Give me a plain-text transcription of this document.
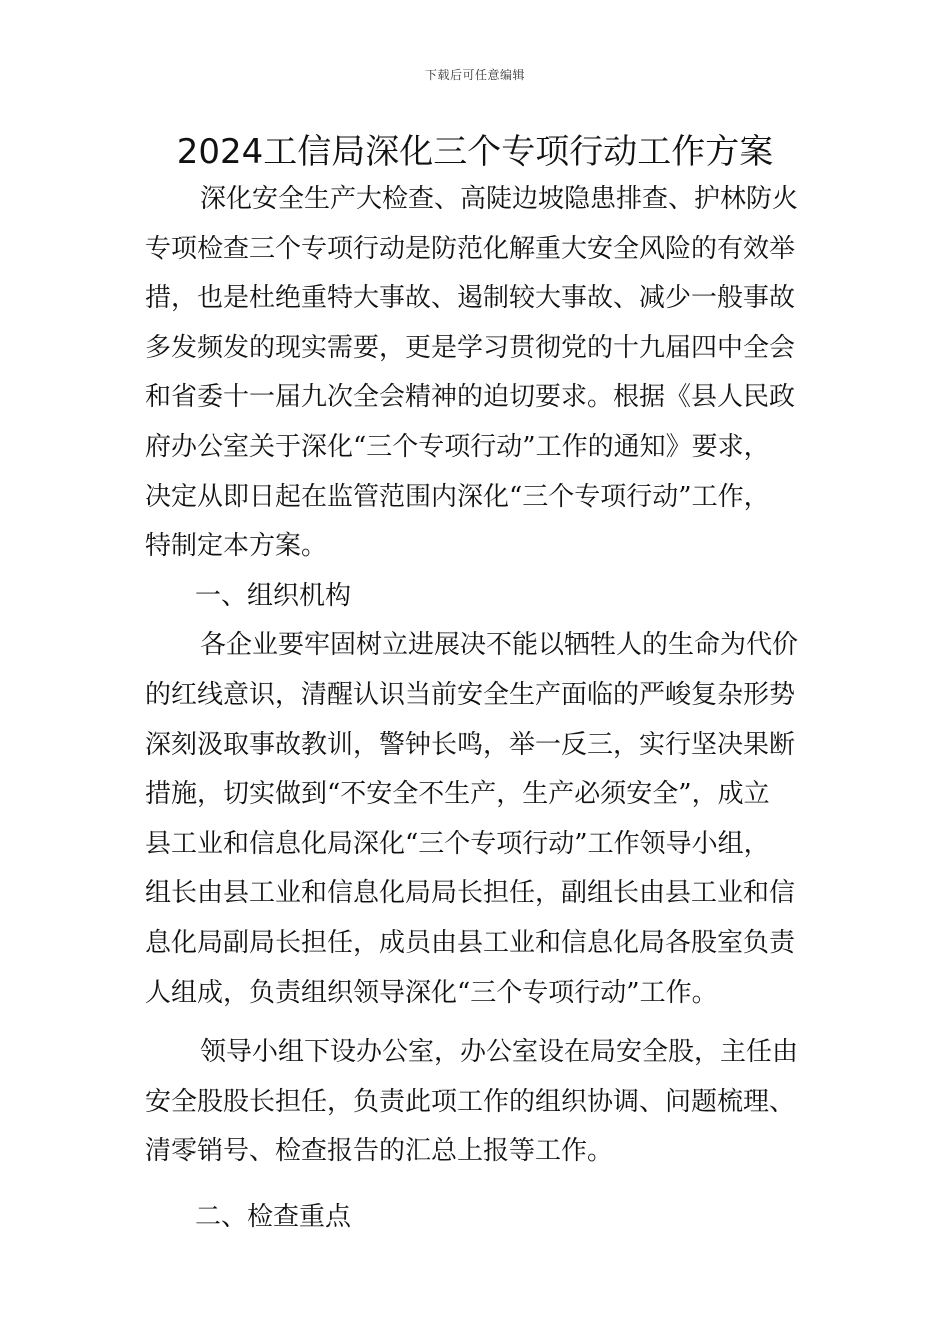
下载后可任意编辑
2024工信局深化三个专项行动工作方案
深化安全生产大检查、高陡边坡隐患排查、护林防火
专项检查三个专项行动是防范化解重大安全风险的有效举
措，也是杜绝重特大事故、遏制较大事故、减少一般事故
多发频发的现实需要，更是学习贯彻党的十九届四中全会
和省委十一届九次全会精神的迫切要求。根据《县人民政
府办公室关于深化“三个专项行动”工作的通知》要求，
决定从即日起在监管范围内深化“三个专项行动”工作，
特制定本方案。
一、组织机构
各企业要牢固树立进展决不能以牺牲人的生命为代价
的红线意识，清醒认识当前安全生产面临的严峻复杂形势
深刻汲取事故教训，警钟长鸣，举一反三，实行坚决果断
措施，切实做到“不安全不生产，生产必须安全”，成立
县工业和信息化局深化“三个专项行动”工作领导小组，
组长由县工业和信息化局局长担任，副组长由县工业和信
息化局副局长担任，成员由县工业和信息化局各股室负责
人组成，负责组织领导深化“三个专项行动”工作。
领导小组下设办公室，办公室设在局安全股，主任由
安全股股长担任，负责此项工作的组织协调、问题梳理、
清零销号、检查报告的汇总上报等工作。
二、检查重点
